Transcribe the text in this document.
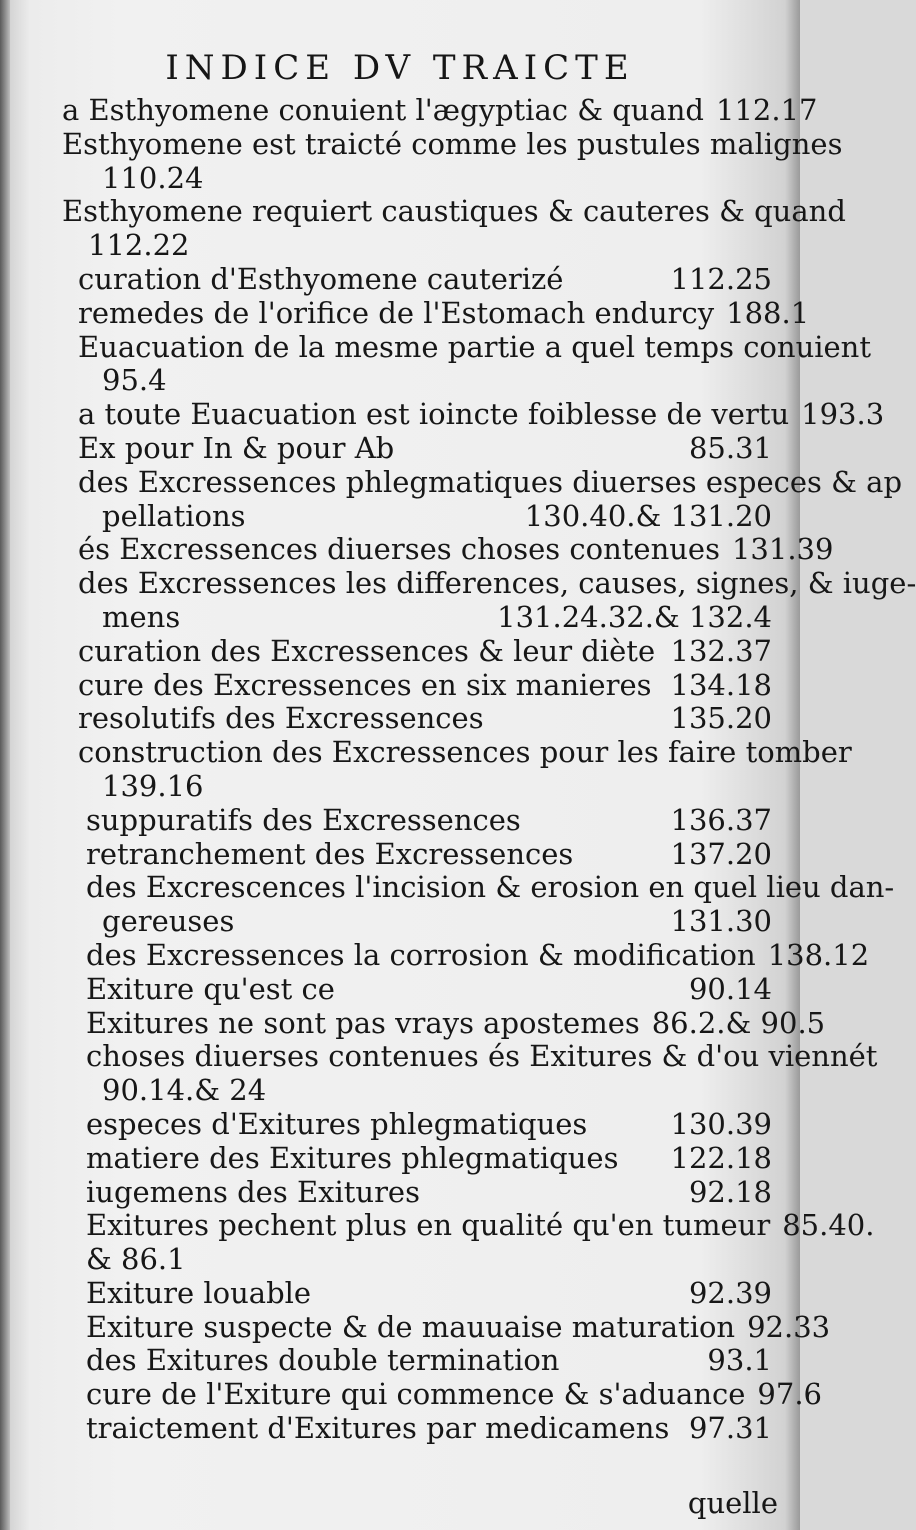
INDICE DV TRAICTE
a Esthyomene conuient l'ægyptiac & quand 112.17
Esthyomene est traicté comme les pustules malignes
110.24
Esthyomene requiert caustiques & cauteres & quand
112.22
curation d'Esthyomene cauterizé	112.25
remedes de l'orifice de l'Estomach endurcy 188.1
Euacuation de la mesme partie a quel temps conuient
95.4
a toute Euacuation est ioincte foiblesse de vertu 193.3
Ex pour In & pour Ab	85.31
des Excressences phlegmatiques diuerses especes & ap
pellations	130.40.& 131.20
és Excressences diuerses choses contenues 131.39
des Excressences les differences, causes, signes, & iuge-
mens	131.24.32.& 132.4
curation des Excressences & leur diète 132.37
cure des Excressences en six manieres 134.18
resolutifs des Excressences	135.20
construction des Excressences pour les faire tomber
139.16
suppuratifs des Excressences	136.37
retranchement des Excressences	137.20
des Excrescences l'incision & erosion en quel lieu dan-
gereuses	131.30
des Excressences la corrosion & modification 138.12
Exiture qu'est ce	90.14
Exitures ne sont pas vrays apostemes 86.2.& 90.5
choses diuerses contenues és Exitures & d'ou viennét
90.14.& 24
especes d'Exitures phlegmatiques	130.39
matiere des Exitures phlegmatiques	122.18
iugemens des Exitures	92.18
Exitures pechent plus en qualité qu'en tumeur 85.40.
& 86.1
Exiture louable	92.39
Exiture suspecte & de mauuaise maturation 92.33
des Exitures double termination	93.1
cure de l'Exiture qui commence & s'aduance 97.6
traictement d'Exitures par medicamens 97.31
quelle
